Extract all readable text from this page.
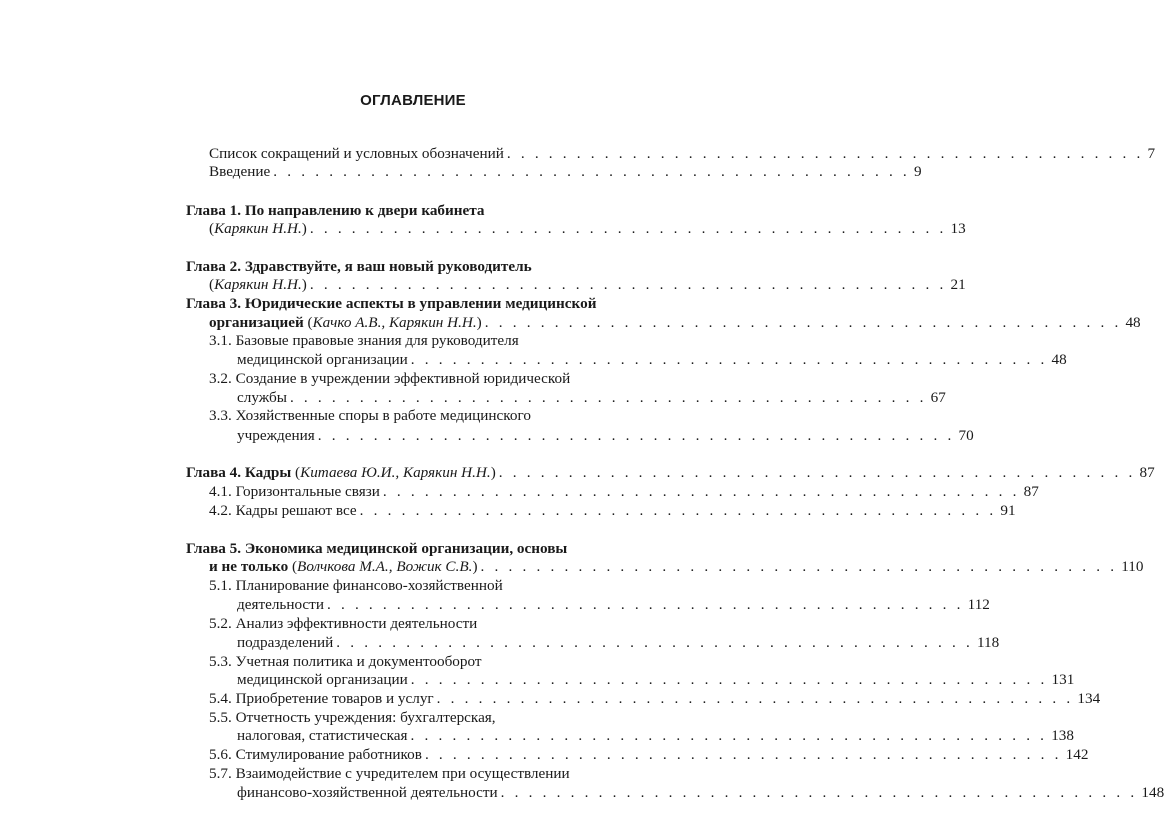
ОГЛАВЛЕНИЕ
Список сокращений и условных обозначений . . . . . . . . . . . . . . . . . . . . . . . . . . . . . . . . . . . . . . . . . . . . . . 7
Введение . . . . . . . . . . . . . . . . . . . . . . . . . . . . . . . . . . . . . . . . . . . . . . 9
Глава 1. По направлению к двери кабинета
(Карякин Н.Н.) . . . . . . . . . . . . . . . . . . . . . . . . . . . . . . . . . . . . . . . . . . . . . . 13
Глава 2. Здравствуйте, я ваш новый руководитель
(Карякин Н.Н.) . . . . . . . . . . . . . . . . . . . . . . . . . . . . . . . . . . . . . . . . . . . . . . 21
Глава 3. Юридические аспекты в управлении медицинской
организацией (Качко А.В., Карякин Н.Н.) . . . . . . . . . . . . . . . . . . . . . . . . . . . . . . . . . . . . . . . . . . . . . . 48
3.1. Базовые правовые знания для руководителя
медицинской организации . . . . . . . . . . . . . . . . . . . . . . . . . . . . . . . . . . . . . . . . . . . . . . 48
3.2. Создание в учреждении эффективной юридической
службы . . . . . . . . . . . . . . . . . . . . . . . . . . . . . . . . . . . . . . . . . . . . . . 67
3.3. Хозяйственные споры в работе медицинского
учреждения . . . . . . . . . . . . . . . . . . . . . . . . . . . . . . . . . . . . . . . . . . . . . . 70
Глава 4. Кадры (Китаева Ю.И., Карякин Н.Н.) . . . . . . . . . . . . . . . . . . . . . . . . . . . . . . . . . . . . . . . . . . . . . . 87
4.1. Горизонтальные связи . . . . . . . . . . . . . . . . . . . . . . . . . . . . . . . . . . . . . . . . . . . . . . 87
4.2. Кадры решают все . . . . . . . . . . . . . . . . . . . . . . . . . . . . . . . . . . . . . . . . . . . . . . 91
Глава 5. Экономика медицинской организации, основы
и не только (Волчкова М.А., Вожик С.В.) . . . . . . . . . . . . . . . . . . . . . . . . . . . . . . . . . . . . . . . . . . . . . . 110
5.1. Планирование финансово-хозяйственной
деятельности . . . . . . . . . . . . . . . . . . . . . . . . . . . . . . . . . . . . . . . . . . . . . . 112
5.2. Анализ эффективности деятельности
подразделений . . . . . . . . . . . . . . . . . . . . . . . . . . . . . . . . . . . . . . . . . . . . . . 118
5.3. Учетная политика и документооборот
медицинской организации . . . . . . . . . . . . . . . . . . . . . . . . . . . . . . . . . . . . . . . . . . . . . . 131
5.4. Приобретение товаров и услуг . . . . . . . . . . . . . . . . . . . . . . . . . . . . . . . . . . . . . . . . . . . . . . 134
5.5. Отчетность учреждения: бухгалтерская,
налоговая, статистическая . . . . . . . . . . . . . . . . . . . . . . . . . . . . . . . . . . . . . . . . . . . . . . 138
5.6. Стимулирование работников . . . . . . . . . . . . . . . . . . . . . . . . . . . . . . . . . . . . . . . . . . . . . . 142
5.7. Взаимодействие с учредителем при осуществлении
финансово-хозяйственной деятельности . . . . . . . . . . . . . . . . . . . . . . . . . . . . . . . . . . . . . . . . . . . . . . 148
